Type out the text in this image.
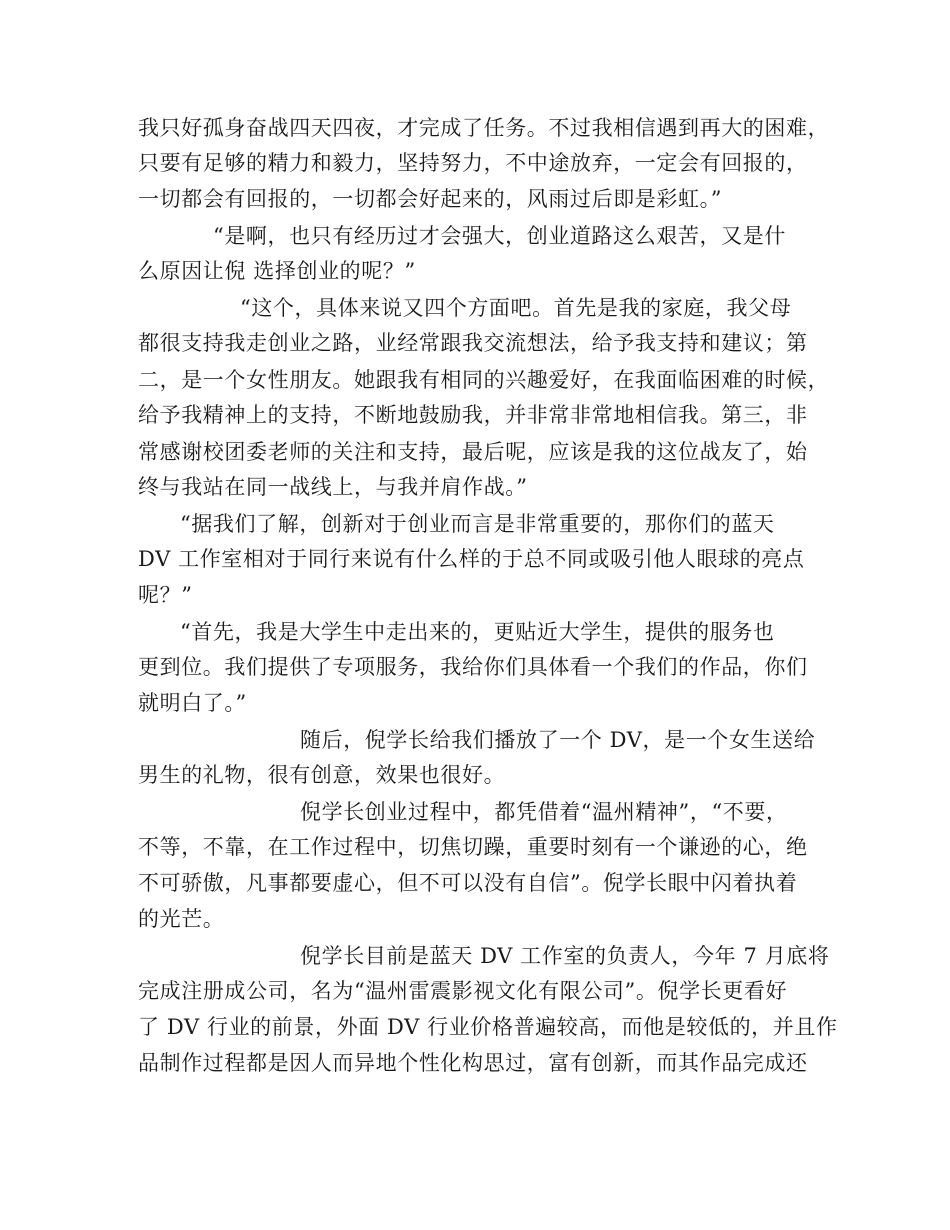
我只好孤身奋战四天四夜，才完成了任务。不过我相信遇到再大的困难，
只要有足够的精力和毅力，坚持努力，不中途放弃，一定会有回报的，
一切都会有回报的，一切都会好起来的，风雨过后即是彩虹。”
“是啊，也只有经历过才会强大，创业道路这么艰苦，又是什
么原因让倪 选择创业的呢？”
“这个，具体来说又四个方面吧。首先是我的家庭，我父母
都很支持我走创业之路，业经常跟我交流想法，给予我支持和建议；第
二，是一个女性朋友。她跟我有相同的兴趣爱好，在我面临困难的时候，
给予我精神上的支持，不断地鼓励我，并非常非常地相信我。第三，非
常感谢校团委老师的关注和支持，最后呢，应该是我的这位战友了，始
终与我站在同一战线上，与我并肩作战。”
“据我们了解，创新对于创业而言是非常重要的，那你们的蓝天
DV 工作室相对于同行来说有什么样的于总不同或吸引他人眼球的亮点
呢？”
“首先，我是大学生中走出来的，更贴近大学生，提供的服务也
更到位。我们提供了专项服务，我给你们具体看一个我们的作品，你们
就明白了。”
随后，倪学长给我们播放了一个 DV，是一个女生送给
男生的礼物，很有创意，效果也很好。
倪学长创业过程中，都凭借着“温州精神”，“不要，
不等，不靠，在工作过程中，切焦切躁，重要时刻有一个谦逊的心，绝
不可骄傲，凡事都要虚心，但不可以没有自信”。倪学长眼中闪着执着
的光芒。
倪学长目前是蓝天 DV 工作室的负责人，今年 7 月底将
完成注册成公司，名为“温州雷震影视文化有限公司”。倪学长更看好
了 DV 行业的前景，外面 DV 行业价格普遍较高，而他是较低的，并且作
品制作过程都是因人而异地个性化构思过，富有创新，而其作品完成还
